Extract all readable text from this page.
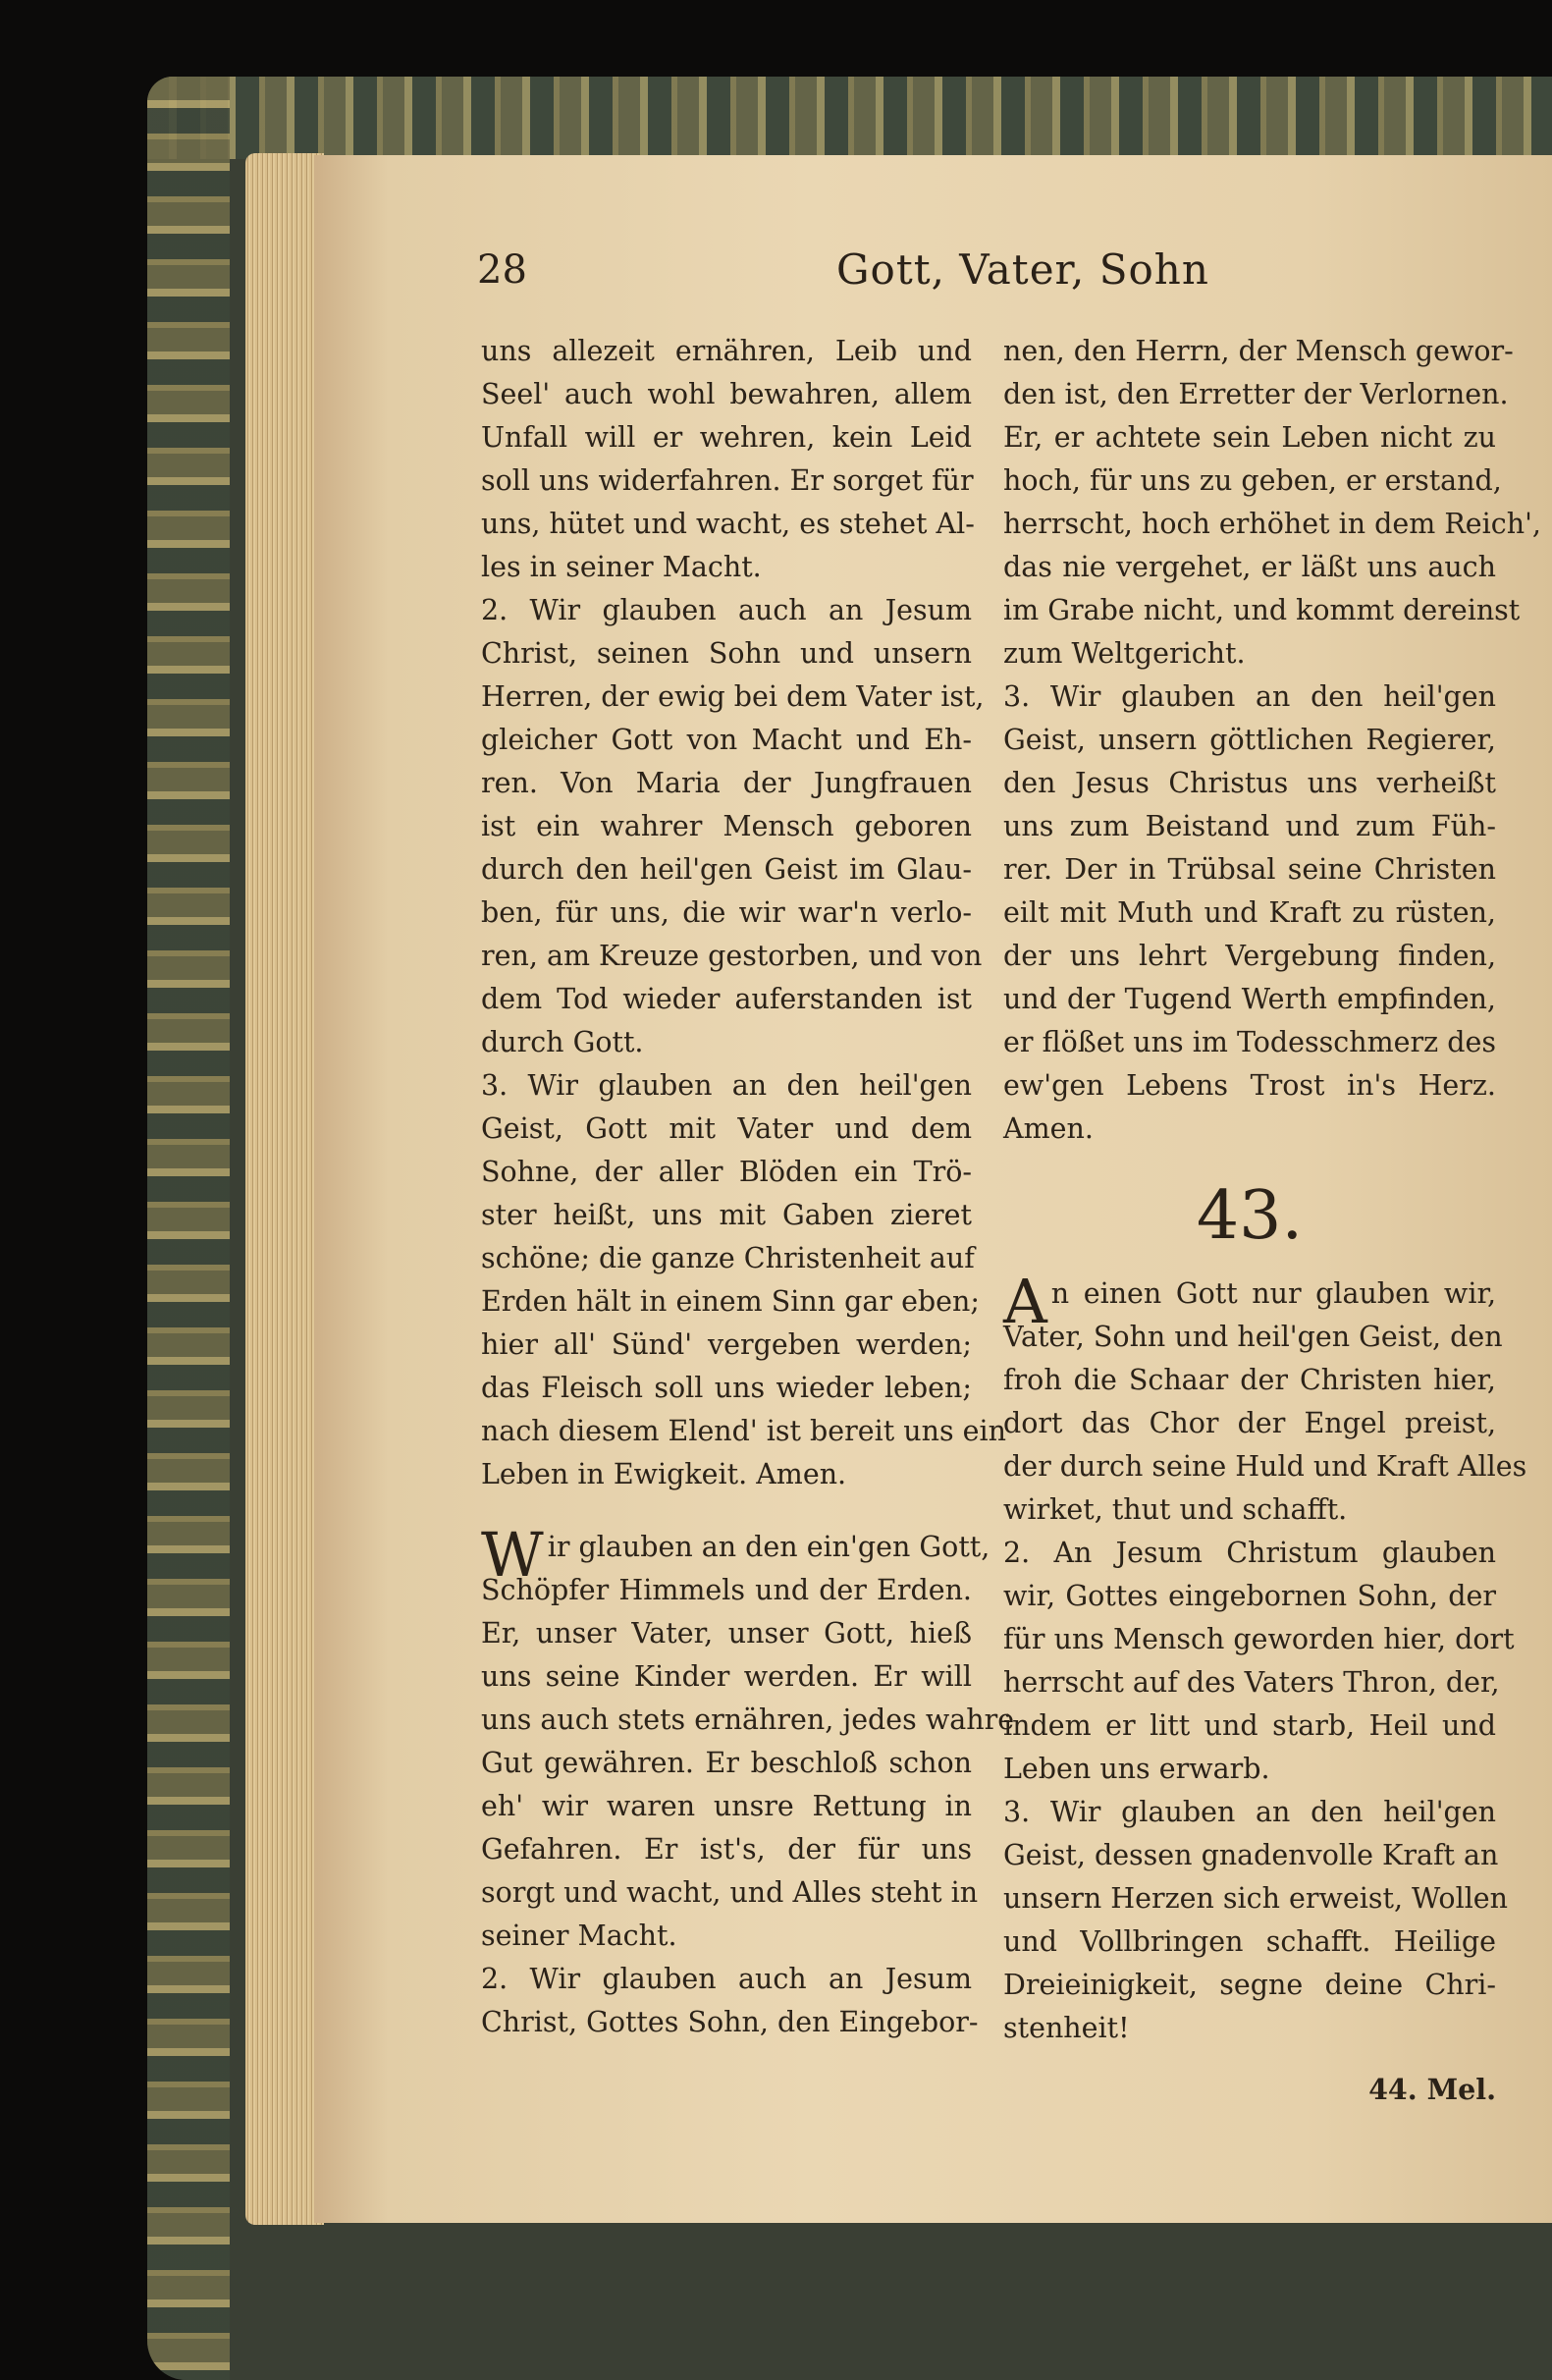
28	Gott, Vater, Sohn
uns allezeit ernähren, Leib und
Seel' auch wohl bewahren, allem
Unfall will er wehren, kein Leid
soll uns widerfahren. Er sorget für
uns, hütet und wacht, es stehet Al-
les in seiner Macht.
2. Wir glauben auch an Jesum
Christ, seinen Sohn und unsern
Herren, der ewig bei dem Vater ist,
gleicher Gott von Macht und Eh-
ren. Von Maria der Jungfrauen
ist ein wahrer Mensch geboren
durch den heil'gen Geist im Glau-
ben, für uns, die wir war'n verlo-
ren, am Kreuze gestorben, und von
dem Tod wieder auferstanden ist
durch Gott.
3. Wir glauben an den heil'gen
Geist, Gott mit Vater und dem
Sohne, der aller Blöden ein Trö-
ster heißt, uns mit Gaben zieret
schöne; die ganze Christenheit auf
Erden hält in einem Sinn gar eben;
hier all' Sünd' vergeben werden;
das Fleisch soll uns wieder leben;
nach diesem Elend' ist bereit uns ein
Leben in Ewigkeit. Amen.
Wir glauben an den ein'gen Gott,
Schöpfer Himmels und der Erden.
Er, unser Vater, unser Gott, hieß
uns seine Kinder werden. Er will
uns auch stets ernähren, jedes wahre
Gut gewähren. Er beschloß schon
eh' wir waren unsre Rettung in
Gefahren. Er ist's, der für uns
sorgt und wacht, und Alles steht in
seiner Macht.
2. Wir glauben auch an Jesum
Christ, Gottes Sohn, den Eingebor-
nen, den Herrn, der Mensch gewor-
den ist, den Erretter der Verlornen.
Er, er achtete sein Leben nicht zu
hoch, für uns zu geben, er erstand,
herrscht, hoch erhöhet in dem Reich',
das nie vergehet, er läßt uns auch
im Grabe nicht, und kommt dereinst
zum Weltgericht.
3. Wir glauben an den heil'gen
Geist, unsern göttlichen Regierer,
den Jesus Christus uns verheißt
uns zum Beistand und zum Füh-
rer. Der in Trübsal seine Christen
eilt mit Muth und Kraft zu rüsten,
der uns lehrt Vergebung finden,
und der Tugend Werth empfinden,
er flößet uns im Todesschmerz des
ew'gen Lebens Trost in's Herz.
Amen.
43.
An einen Gott nur glauben wir,
Vater, Sohn und heil'gen Geist, den
froh die Schaar der Christen hier,
dort das Chor der Engel preist,
der durch seine Huld und Kraft Alles
wirket, thut und schafft.
2. An Jesum Christum glauben
wir, Gottes eingebornen Sohn, der
für uns Mensch geworden hier, dort
herrscht auf des Vaters Thron, der,
indem er litt und starb, Heil und
Leben uns erwarb.
3. Wir glauben an den heil'gen
Geist, dessen gnadenvolle Kraft an
unsern Herzen sich erweist, Wollen
und Vollbringen schafft. Heilige
Dreieinigkeit, segne deine Chri-
stenheit!
44. Mel.
